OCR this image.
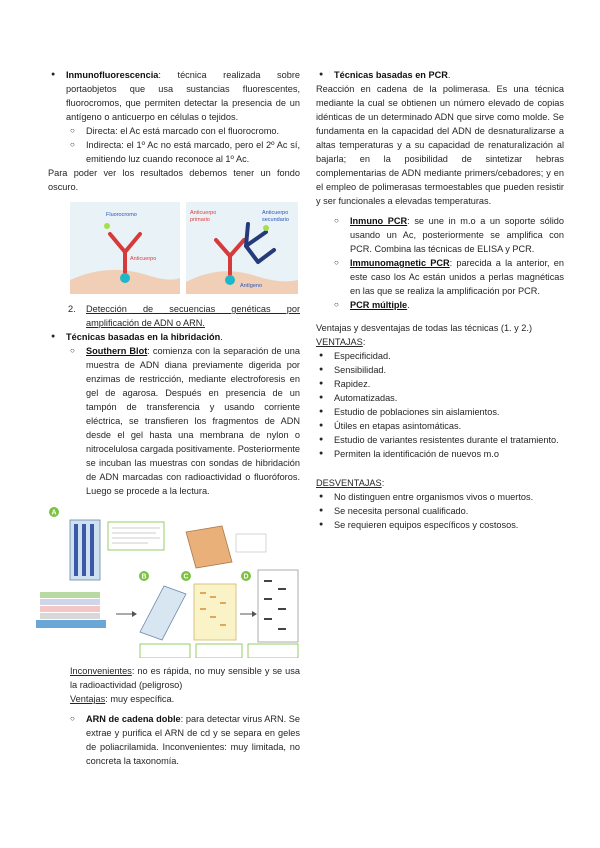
● Inmunofluorescencia: técnica realizada sobre portaobjetos que usa sustancias fluorescentes, fluorocromos, que permiten detectar la presencia de un antígeno o anticuerpo en células o tejidos.

○ Directa: el Ac está marcado con el fluorocromo.

○ Indirecta: el 1º Ac no está marcado, pero el 2º Ac sí, emitiendo luz cuando reconoce al 1º Ac.

Para poder ver los resultados debemos tener un fondo oscuro.

Fluorocromo
Anticuerpo
Anticuerpo
primario
Anticuerpo
secundario
Antígeno

2. Detección de secuencias genéticas por amplificación de ADN o ARN.

● Técnicas basadas en la hibridación.

○ Southern Blot: comienza con la separación de una muestra de ADN diana previamente digerida por enzimas de restricción, mediante electroforesis en gel de agarosa. Después en presencia de un tampón de transferencia y usando corriente eléctrica, se transfieren los fragmentos de ADN desde el gel hasta una membrana de nylon o nitrocelulosa cargada positivamente. Posteriormente se incuban las muestras con sondas de hibridación de ADN marcadas con radioactividad o fluoróforos. Luego se procede a la lectura.

A
B	C	D

Inconvenientes: no es rápida, no muy sensible y se usa la radioactividad (peligroso)

Ventajas: muy específica.

○ ARN de cadena doble: para detectar virus ARN. Se extrae y purifica el ARN de cd y se separa en geles de poliacrilamida. Inconvenientes: muy limitada, no concreta la taxonomía.

● Técnicas basadas en PCR.

Reacción en cadena de la polimerasa. Es una técnica mediante la cual se obtienen un número elevado de copias idénticas de un determinado ADN que sirve como molde. Se fundamenta en la capacidad del ADN de desnaturalizarse a altas temperaturas y a su capacidad de renaturalización al bajarla; en la posibilidad de sintetizar hebras complementarias de ADN mediante primers/cebadores; y en el empleo de polimerasas termoestables que pueden resistir y ser funcionales a elevadas temperaturas.

○ Inmuno PCR: se une in m.o a un soporte sólido usando un Ac, posteriormente se amplifica con PCR. Combina las técnicas de ELISA y PCR.

○ Immunomagnetic PCR: parecida a la anterior, en este caso los Ac están unidos a perlas magnéticas en las que se realiza la amplificación por PCR.

○ PCR múltiple.

Ventajas y desventajas de todas las técnicas (1. y 2.)

VENTAJAS:

● Especificidad.

● Sensibilidad.

● Rapidez.

● Automatizadas.

● Estudio de poblaciones sin aislamientos.

● Útiles en etapas asintomáticas.

● Estudio de variantes resistentes durante el tratamiento.

● Permiten la identificación de nuevos m.o

DESVENTAJAS:

● No distinguen entre organismos vivos o muertos.

● Se necesita personal cualificado.

● Se requieren equipos específicos y costosos.
